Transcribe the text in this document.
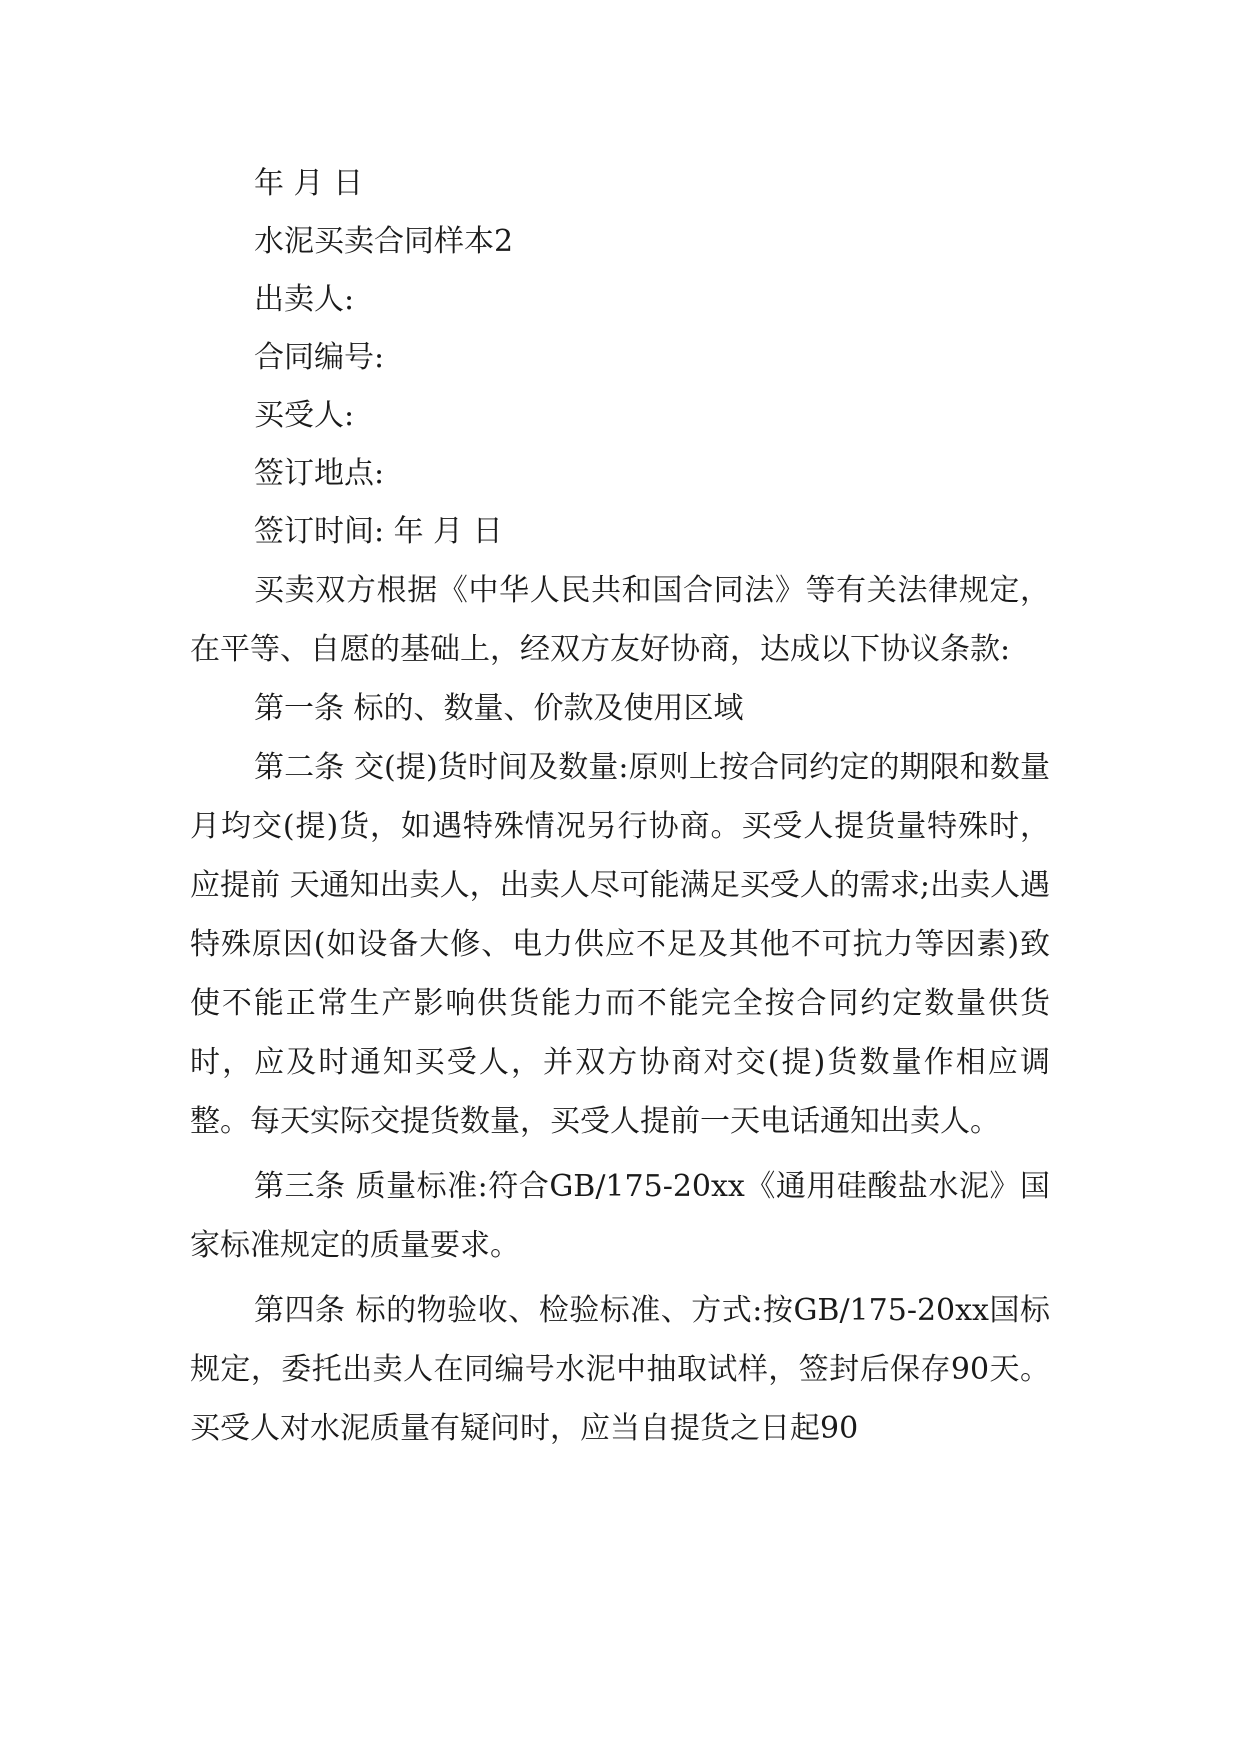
年 月 日

水泥买卖合同样本2

出卖人:

合同编号:

买受人:

签订地点:

签订时间: 年 月 日

买卖双方根据《中华人民共和国合同法》等有关法律规定，在平等、自愿的基础上，经双方友好协商，达成以下协议条款:

第一条 标的、数量、价款及使用区域

第二条 交(提)货时间及数量:原则上按合同约定的期限和数量月均交(提)货，如遇特殊情况另行协商。买受人提货量特殊时，应提前 天通知出卖人，出卖人尽可能满足买受人的需求;出卖人遇特殊原因(如设备大修、电力供应不足及其他不可抗力等因素)致使不能正常生产影响供货能力而不能完全按合同约定数量供货时，应及时通知买受人，并双方协商对交(提)货数量作相应调整。每天实际交提货数量，买受人提前一天电话通知出卖人。

第三条 质量标准:符合GB/175-20xx《通用硅酸盐水泥》国家标准规定的质量要求。

第四条 标的物验收、检验标准、方式:按GB/175-20xx国标规定，委托出卖人在同编号水泥中抽取试样，签封后保存90天。买受人对水泥质量有疑问时，应当自提货之日起90
